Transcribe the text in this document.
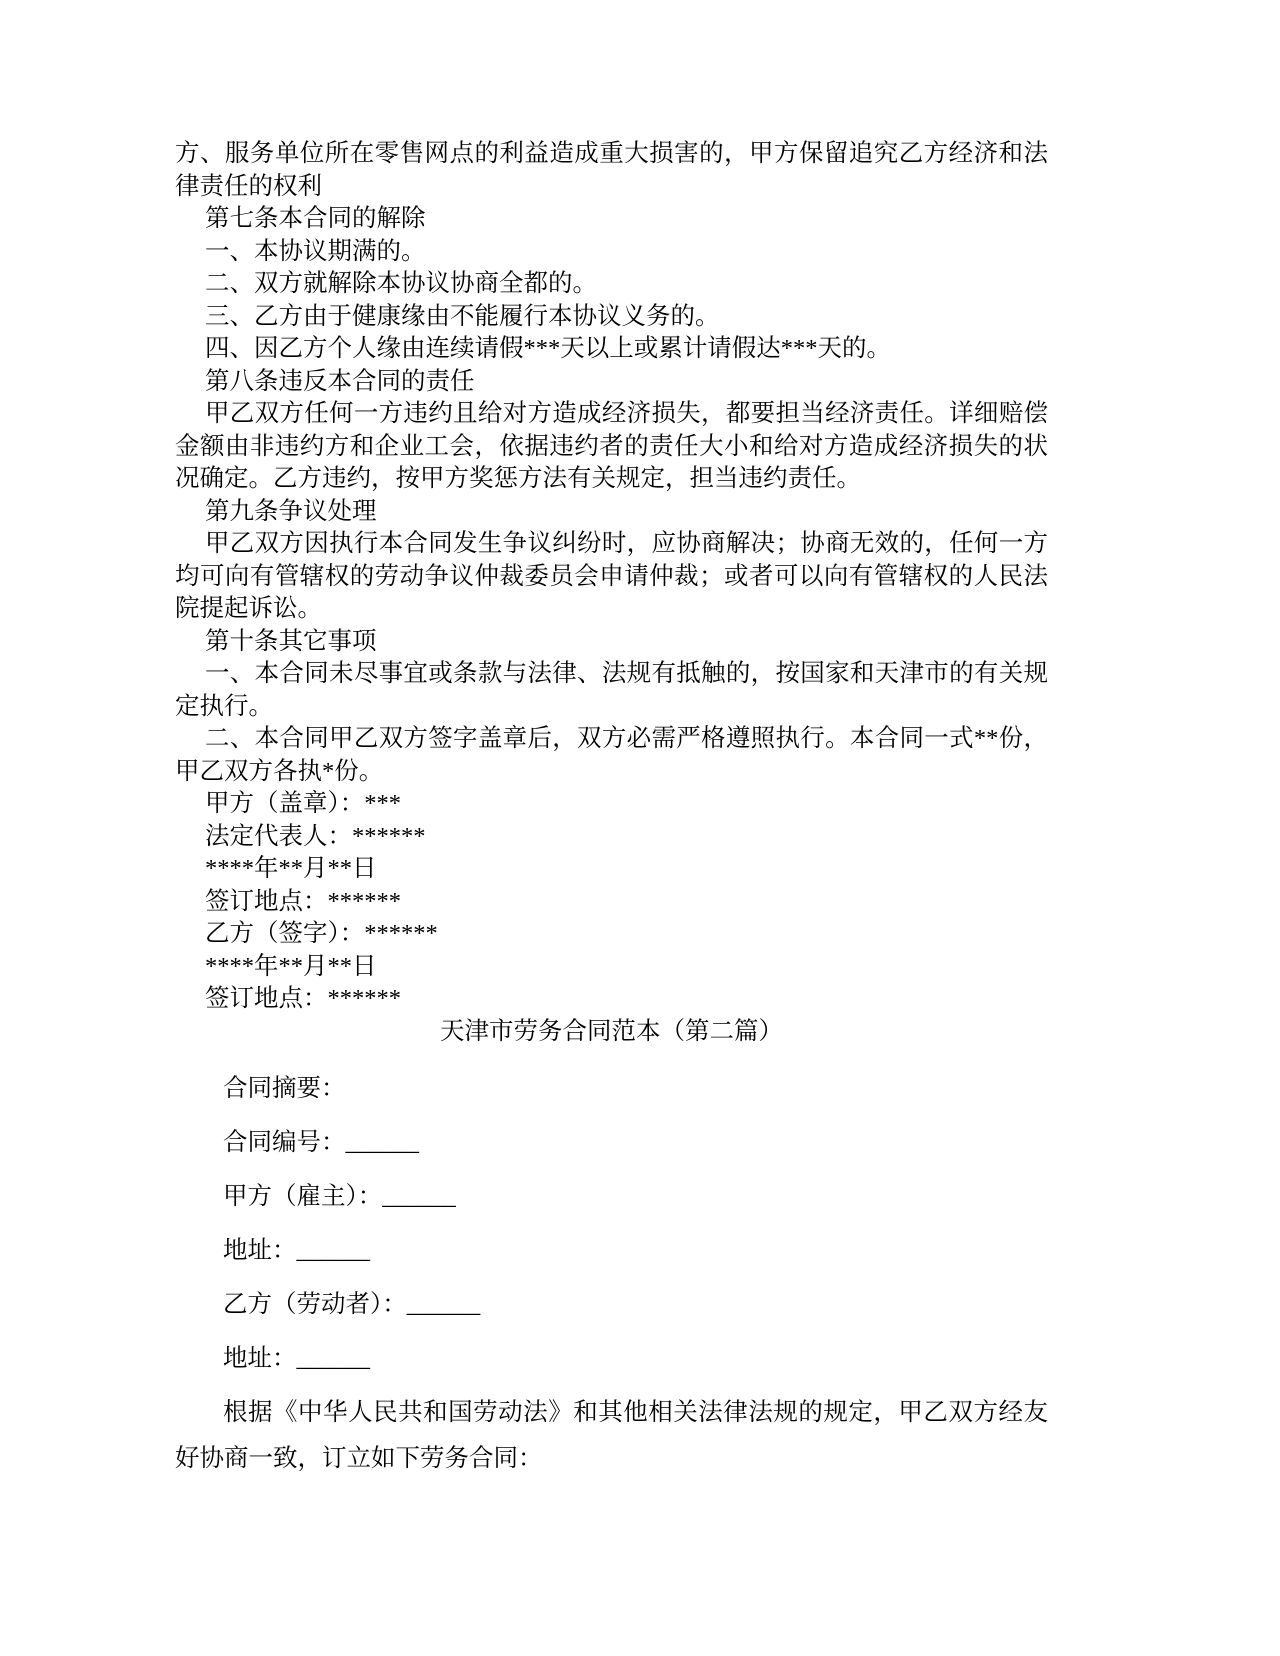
方、服务单位所在零售网点的利益造成重大损害的，甲方保留追究乙方经济和法律责任的权利

第七条本合同的解除

一、本协议期满的。

二、双方就解除本协议协商全都的。

三、乙方由于健康缘由不能履行本协议义务的。

四、因乙方个人缘由连续请假***天以上或累计请假达***天的。

第八条违反本合同的责任

甲乙双方任何一方违约且给对方造成经济损失，都要担当经济责任。详细赔偿金额由非违约方和企业工会，依据违约者的责任大小和给对方造成经济损失的状况确定。乙方违约，按甲方奖惩方法有关规定，担当违约责任。

第九条争议处理

甲乙双方因执行本合同发生争议纠纷时，应协商解决；协商无效的，任何一方均可向有管辖权的劳动争议仲裁委员会申请仲裁；或者可以向有管辖权的人民法院提起诉讼。

第十条其它事项

一、本合同未尽事宜或条款与法律、法规有抵触的，按国家和天津市的有关规定执行。

二、本合同甲乙双方签字盖章后，双方必需严格遵照执行。本合同一式**份，甲乙双方各执*份。

甲方（盖章）：***

法定代表人：******

****年**月**日

签订地点：******

乙方（签字）：******

****年**月**日

签订地点：******

天津市劳务合同范本（第二篇）

合同摘要：

合同编号：______

甲方（雇主）：______

地址：______

乙方（劳动者）：______

地址：______

根据《中华人民共和国劳动法》和其他相关法律法规的规定，甲乙双方经友好协商一致，订立如下劳务合同：
